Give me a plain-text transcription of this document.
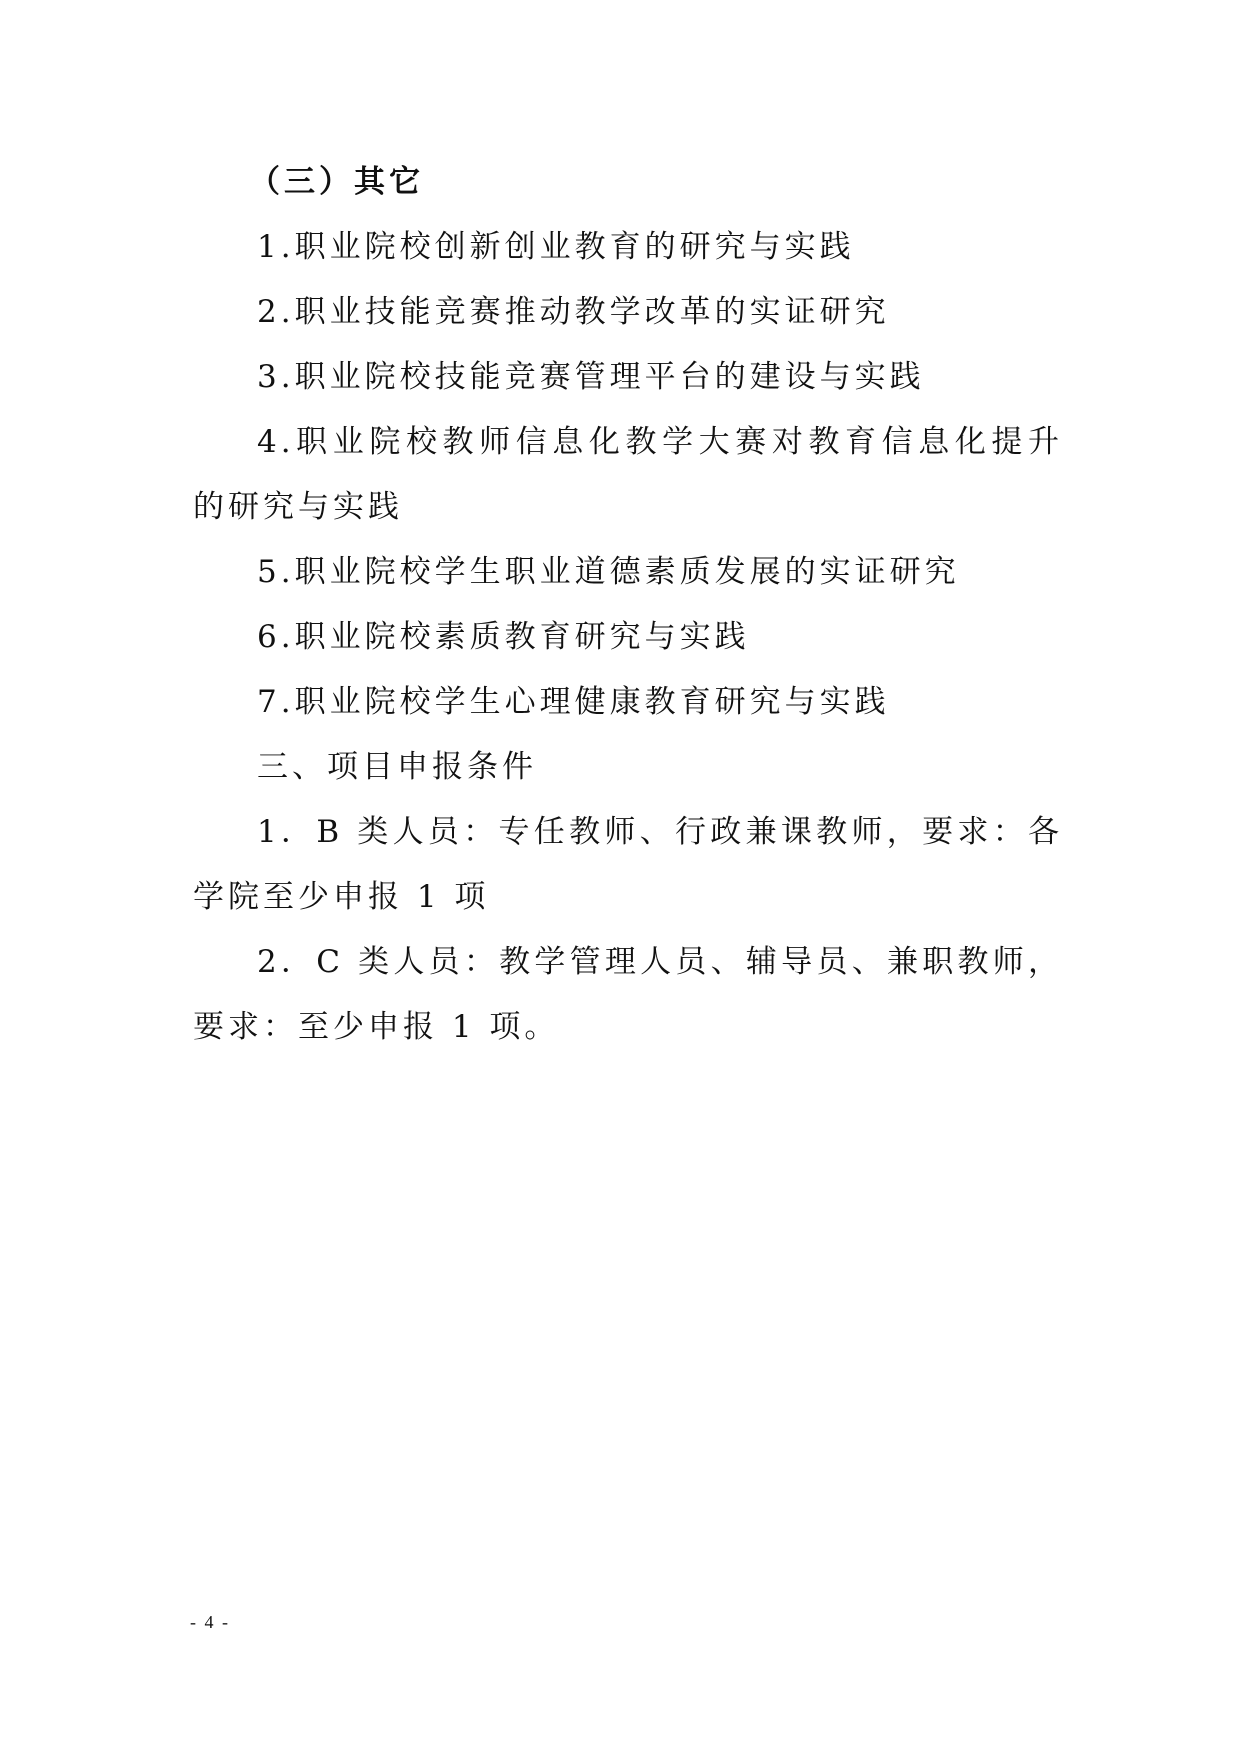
（三）其它
1.职业院校创新创业教育的研究与实践
2.职业技能竞赛推动教学改革的实证研究
3.职业院校技能竞赛管理平台的建设与实践
4.职业院校教师信息化教学大赛对教育信息化提升的研究与实践
5.职业院校学生职业道德素质发展的实证研究
6.职业院校素质教育研究与实践
7.职业院校学生心理健康教育研究与实践
三、项目申报条件
1．B 类人员：专任教师、行政兼课教师，要求：各学院至少申报 1 项
2．C 类人员：教学管理人员、辅导员、兼职教师，要求：至少申报 1 项。
- 4 -
